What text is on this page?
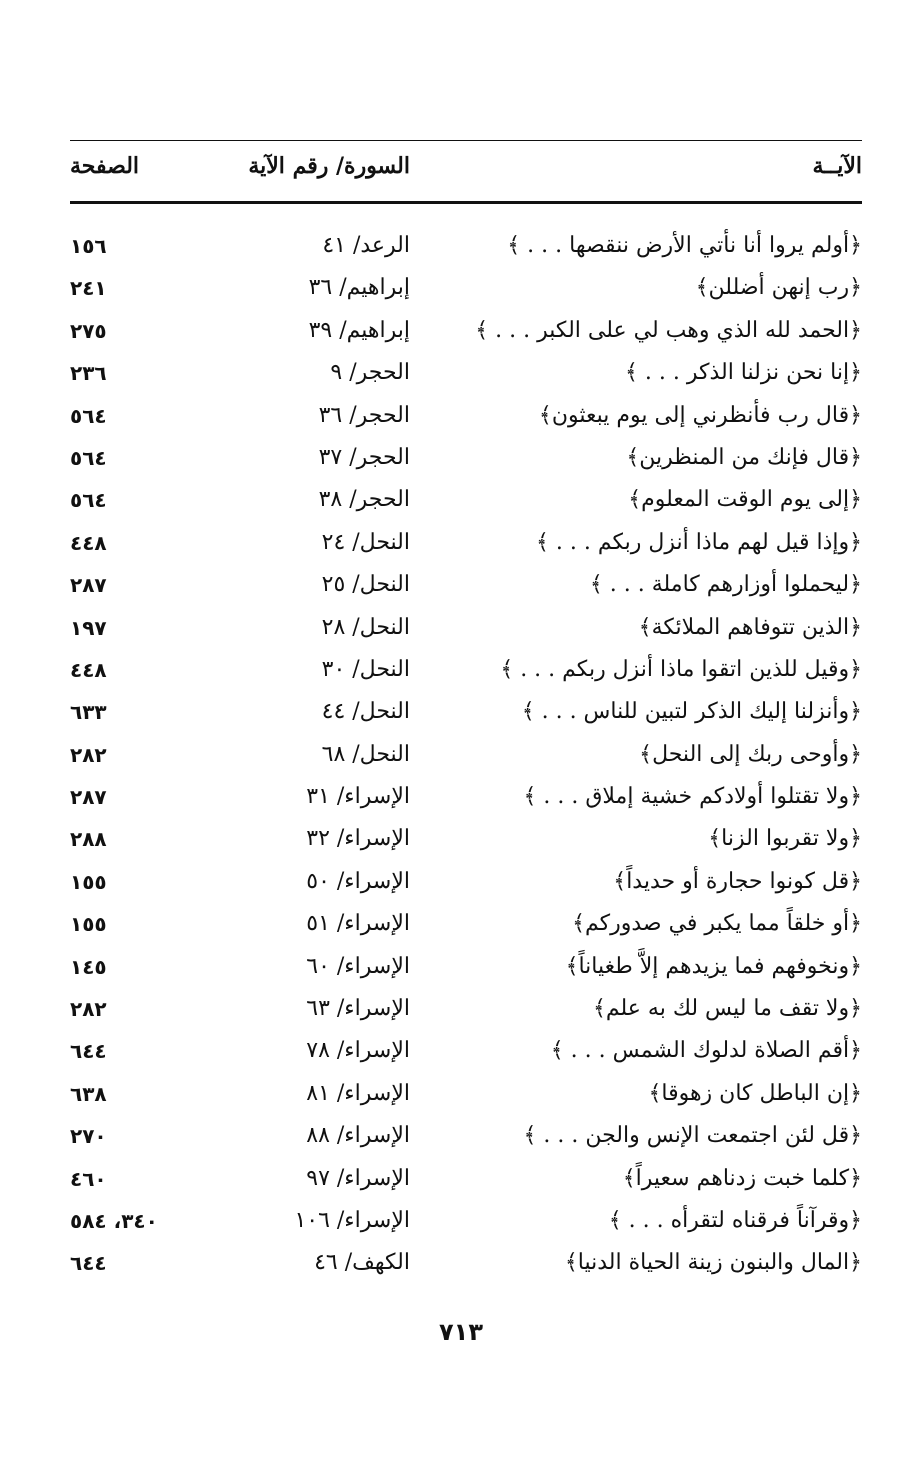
الآيــة
السورة/ رقم الآية
الصفحة
﴿أولم يروا أنا نأتي الأرض ننقصها . . . ﴾
الرعد/ ٤١
١٥٦
﴿رب إنهن أضللن﴾
إبراهيم/ ٣٦
٢٤١
﴿الحمد لله الذي وهب لي على الكبر . . . ﴾
إبراهيم/ ٣٩
٢٧٥
﴿إنا نحن نزلنا الذكر . . . ﴾
الحجر/ ٩
٢٣٦
﴿قال رب فأنظرني إلى يوم يبعثون﴾
الحجر/ ٣٦
٥٦٤
﴿قال فإنك من المنظرين﴾
الحجر/ ٣٧
٥٦٤
﴿إلى يوم الوقت المعلوم﴾
الحجر/ ٣٨
٥٦٤
﴿وإذا قيل لهم ماذا أنزل ربكم . . . ﴾
النحل/ ٢٤
٤٤٨
﴿ليحملوا أوزارهم كاملة . . . ﴾
النحل/ ٢٥
٢٨٧
﴿الذين تتوفاهم الملائكة﴾
النحل/ ٢٨
١٩٧
﴿وقيل للذين اتقوا ماذا أنزل ربكم . . . ﴾
النحل/ ٣٠
٤٤٨
﴿وأنزلنا إليك الذكر لتبين للناس . . . ﴾
النحل/ ٤٤
٦٣٣
﴿وأوحى ربك إلى النحل﴾
النحل/ ٦٨
٢٨٢
﴿ولا تقتلوا أولادكم خشية إملاق . . . ﴾
الإسراء/ ٣١
٢٨٧
﴿ولا تقربوا الزنا﴾
الإسراء/ ٣٢
٢٨٨
﴿قل كونوا حجارة أو حديداً﴾
الإسراء/ ٥٠
١٥٥
﴿أو خلقاً مما يكبر في صدوركم﴾
الإسراء/ ٥١
١٥٥
﴿ونخوفهم فما يزيدهم إلاَّ طغياناً﴾
الإسراء/ ٦٠
١٤٥
﴿ولا تقف ما ليس لك به علم﴾
الإسراء/ ٦٣
٢٨٢
﴿أقم الصلاة لدلوك الشمس . . . ﴾
الإسراء/ ٧٨
٦٤٤
﴿إن الباطل كان زهوقا﴾
الإسراء/ ٨١
٦٣٨
﴿قل لئن اجتمعت الإنس والجن . . . ﴾
الإسراء/ ٨٨
٢٧٠
﴿كلما خبت زدناهم سعيراً﴾
الإسراء/ ٩٧
٤٦٠
﴿وقرآناً فرقناه لتقرأه . . . ﴾
الإسراء/ ١٠٦
٣٤٠، ٥٨٤
﴿المال والبنون زينة الحياة الدنيا﴾
الكهف/ ٤٦
٦٤٤
٧١٣
